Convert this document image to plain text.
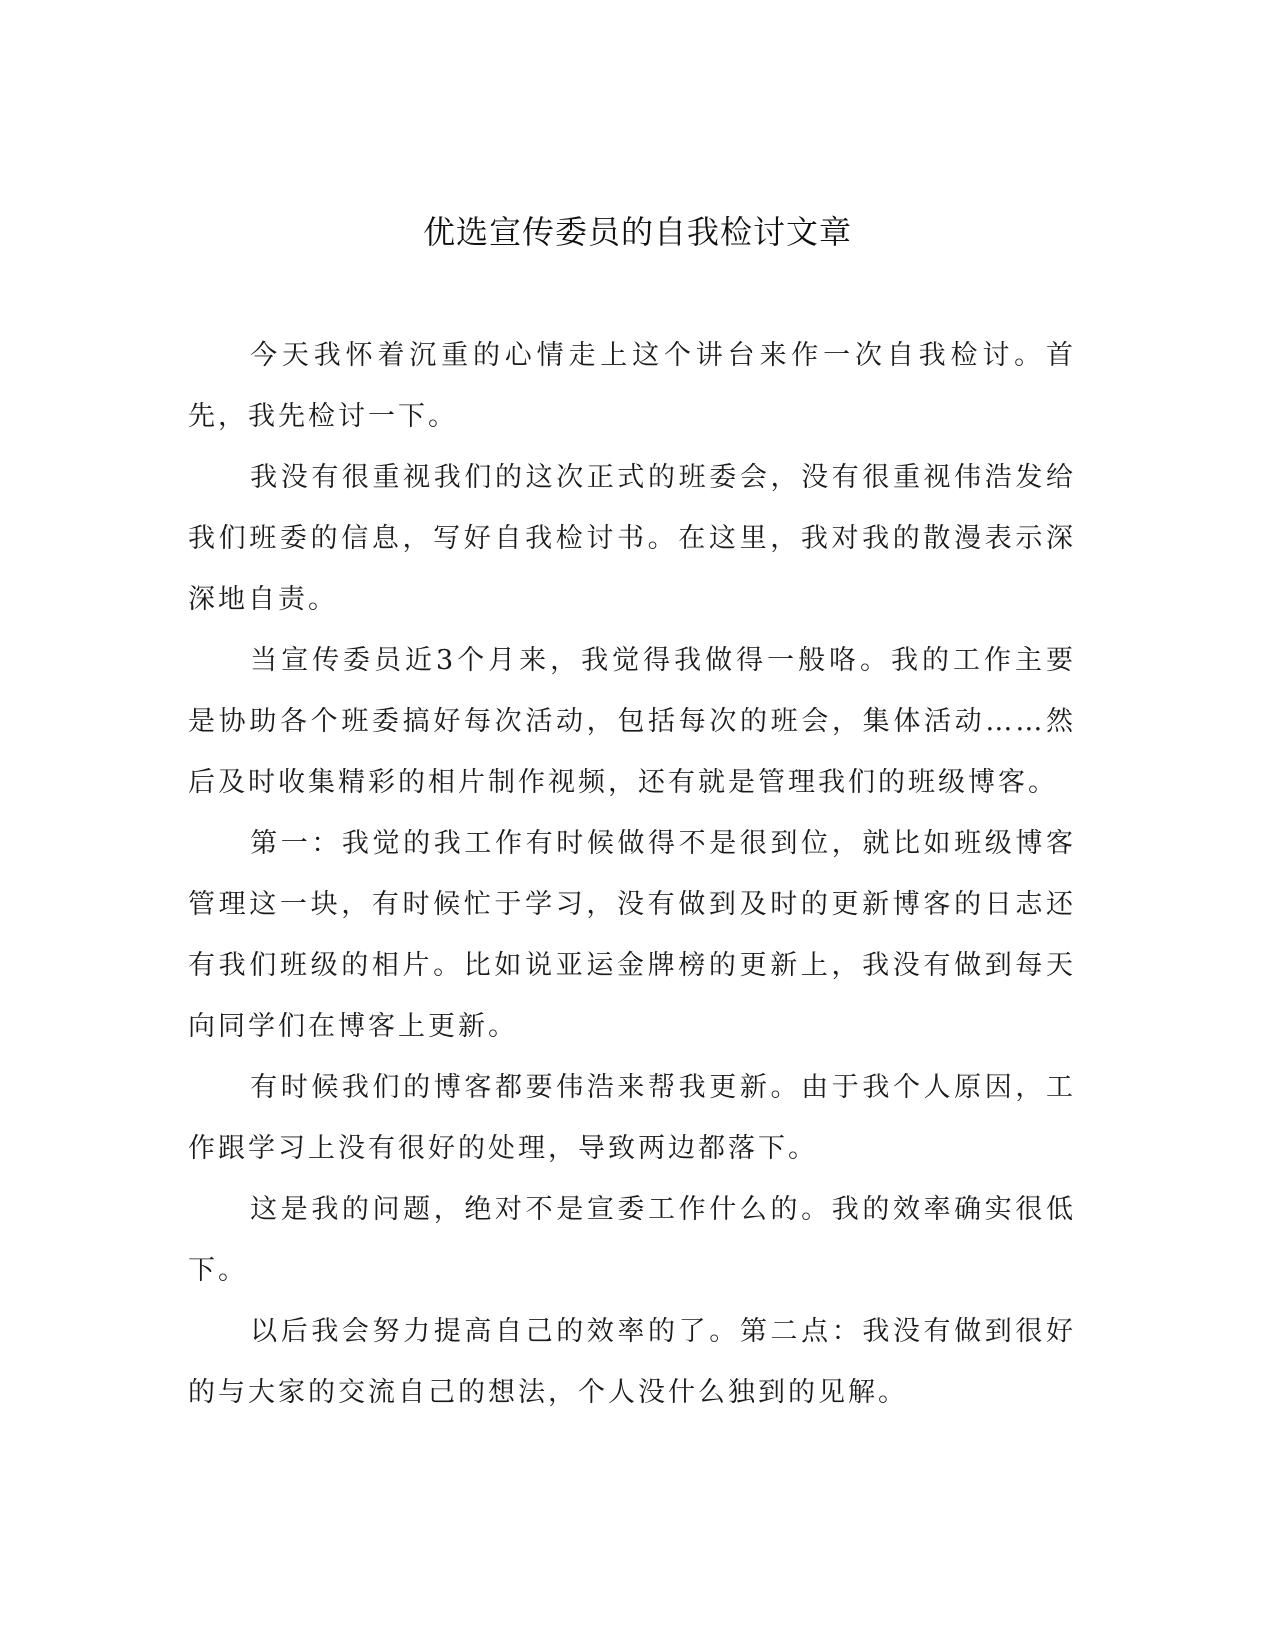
优选宣传委员的自我检讨文章

今天我怀着沉重的心情走上这个讲台来作一次自我检讨。首先，我先检讨一下。

我没有很重视我们的这次正式的班委会，没有很重视伟浩发给我们班委的信息，写好自我检讨书。在这里，我对我的散漫表示深深地自责。

当宣传委员近3个月来，我觉得我做得一般咯。我的工作主要是协助各个班委搞好每次活动，包括每次的班会，集体活动……然后及时收集精彩的相片制作视频，还有就是管理我们的班级博客。

第一：我觉的我工作有时候做得不是很到位，就比如班级博客管理这一块，有时候忙于学习，没有做到及时的更新博客的日志还有我们班级的相片。比如说亚运金牌榜的更新上，我没有做到每天向同学们在博客上更新。

有时候我们的博客都要伟浩来帮我更新。由于我个人原因，工作跟学习上没有很好的处理，导致两边都落下。

这是我的问题，绝对不是宣委工作什么的。我的效率确实很低下。

以后我会努力提高自己的效率的了。第二点：我没有做到很好的与大家的交流自己的想法，个人没什么独到的见解。
